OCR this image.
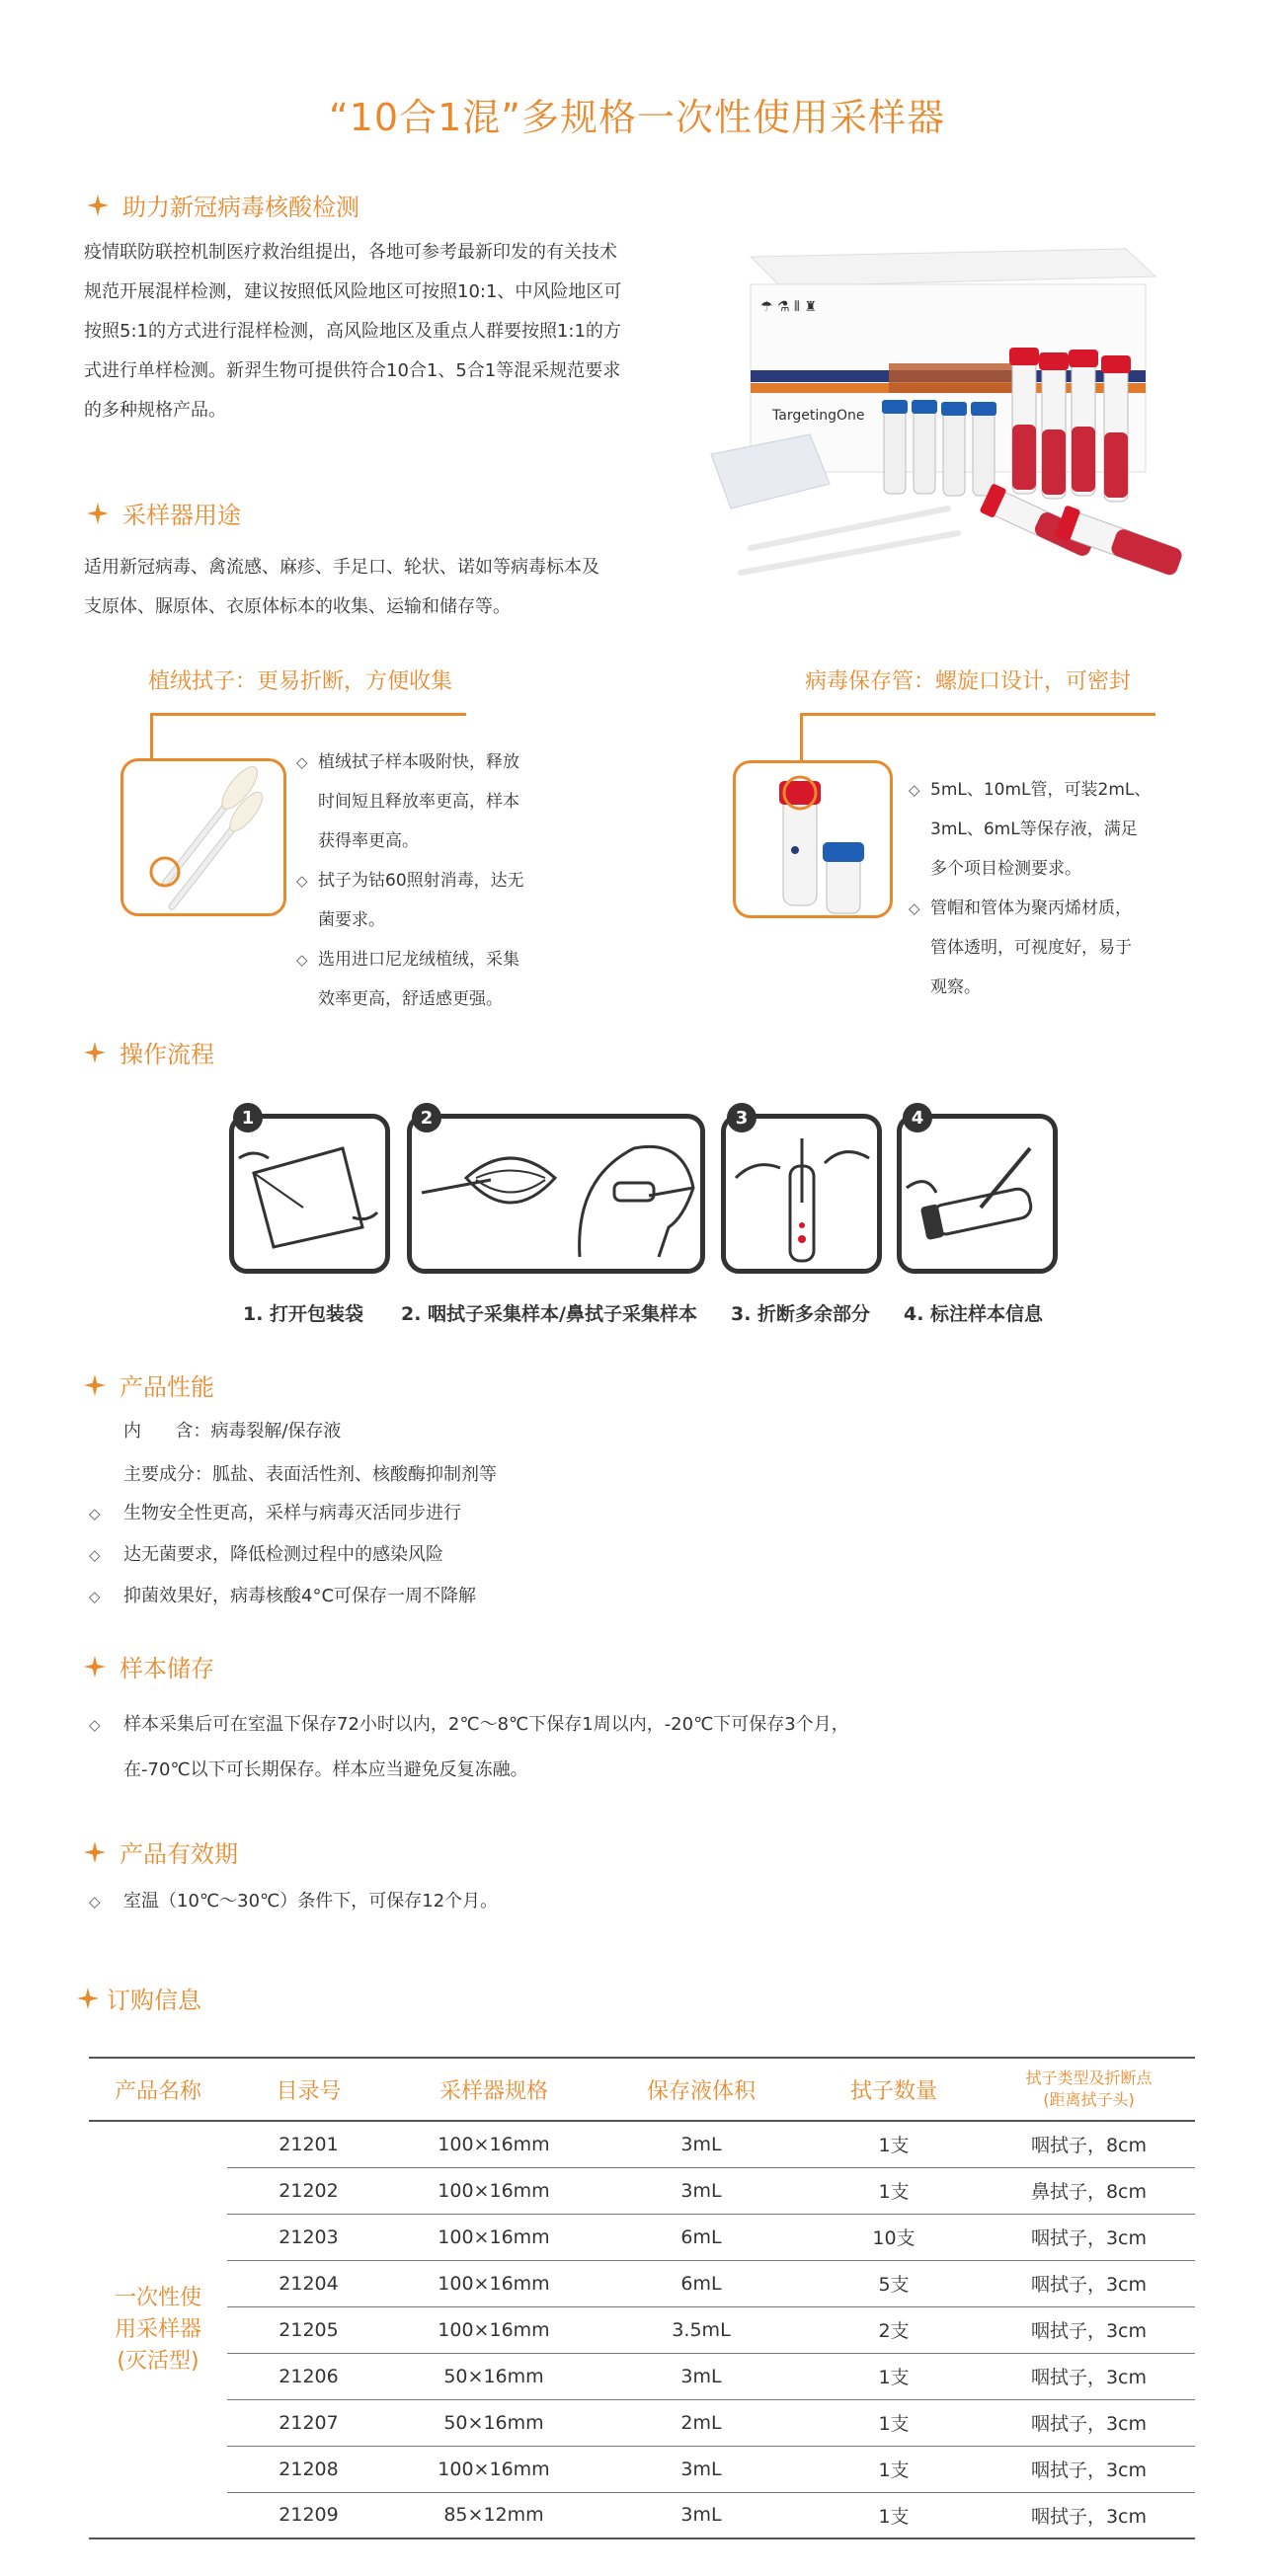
“10合1混”多规格一次性使用采样器
助力新冠病毒核酸检测
疫情联防联控机制医疗救治组提出，各地可参考最新印发的有关技术
规范开展混样检测，建议按照低风险地区可按照10:1、中风险地区可
按照5:1的方式进行混样检测，高风险地区及重点人群要按照1:1的方
式进行单样检测。新羿生物可提供符合10合1、5合1等混采规范要求
的多种规格产品。	TargetingOne
☂ ⚗ ⫴ ♜
采样器用途
适用新冠病毒、禽流感、麻疹、手足口、轮状、诺如等病毒标本及
支原体、脲原体、衣原体标本的收集、运输和储存等。
植绒拭子：更易折断，方便收集
◇ 植绒拭子样本吸附快，释放
时间短且释放率更高，样本
获得率更高。
◇ 拭子为钴60照射消毒，达无
菌要求。
◇ 选用进口尼龙绒植绒，采集
效率更高，舒适感更强。
病毒保存管：螺旋口设计，可密封
◇ 5mL、10mL管，可装2mL、
3mL、6mL等保存液，满足
多个项目检测要求。
◇ 管帽和管体为聚丙烯材质，
管体透明，可视度好，易于
观察。
操作流程
1	2	3	4
1. 打开包装袋 2. 咽拭子采集样本/鼻拭子采集样本 3. 折断多余部分 4. 标注样本信息
产品性能
内      含：病毒裂解/保存液
主要成分：胍盐、表面活性剂、核酸酶抑制剂等
◇	生物安全性更高，采样与病毒灭活同步进行
◇	达无菌要求，降低检测过程中的感染风险
◇	抑菌效果好，病毒核酸4°C可保存一周不降解
样本储存
◇	样本采集后可在室温下保存72小时以内，2℃～8℃下保存1周以内，-20℃下可保存3个月，
在-70℃以下可长期保存。样本应当避免反复冻融。
产品有效期
◇	室温（10℃～30℃）条件下，可保存12个月。
订购信息
产品名称	目录号	采样器规格	保存液体积	拭子数量	拭子类型及折断点
(距离拭子头)

一次性使
用采样器
(灭活型)	21201	100×16mm	3mL	1支	咽拭子，8cm
	21202	100×16mm	3mL	1支	鼻拭子，8cm
	21203	100×16mm	6mL	10支	咽拭子，3cm
	21204	100×16mm	6mL	5支	咽拭子，3cm
	21205	100×16mm	3.5mL	2支	咽拭子，3cm
	21206	50×16mm	3mL	1支	咽拭子，3cm
	21207	50×16mm	2mL	1支	咽拭子，3cm
	21208	100×16mm	3mL	1支	咽拭子，3cm
	21209	85×12mm	3mL	1支	咽拭子，3cm
